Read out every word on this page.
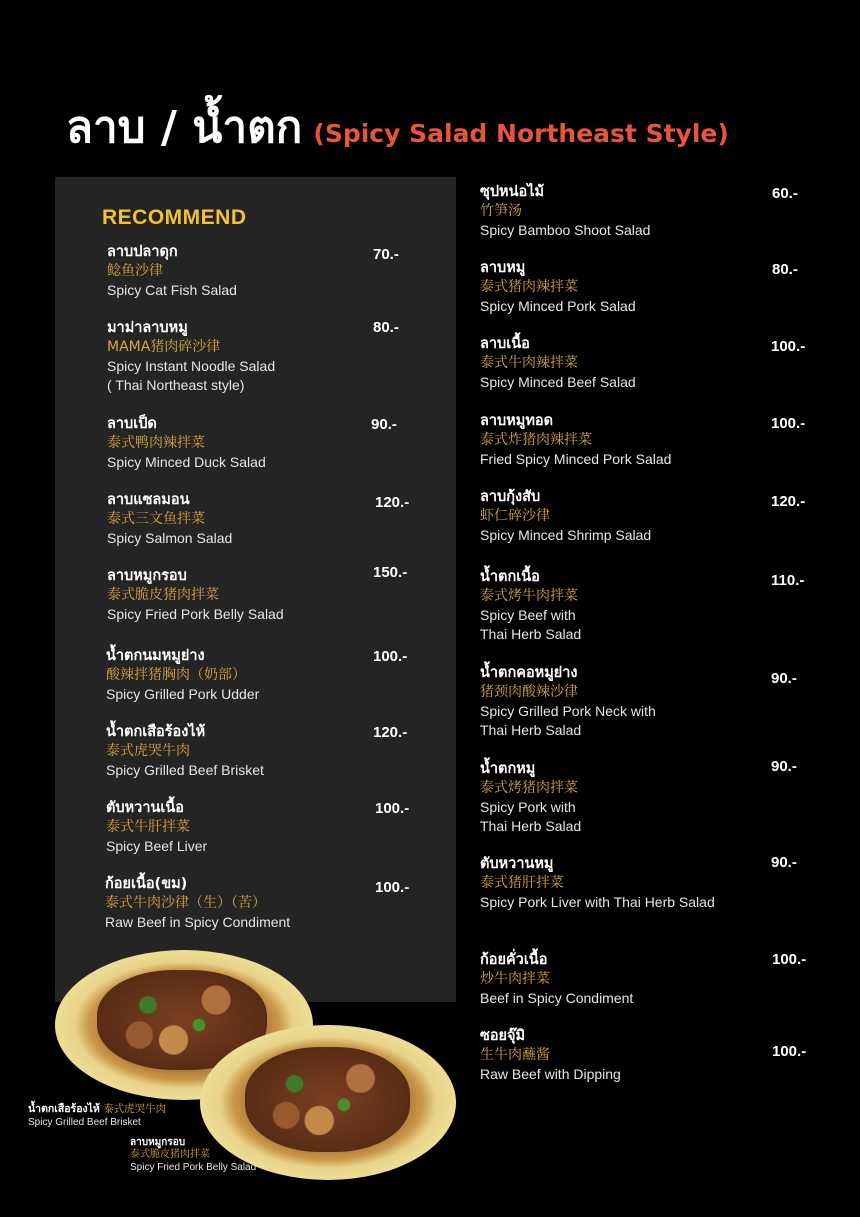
ลาบ / น้ำตก (Spicy Salad Northeast Style)
RECOMMEND
ลาบปลาดุก
鲶鱼沙律
Spicy Cat Fish Salad
70.-
มาม่าลาบหมู
MAMA猪肉碎沙律
Spicy Instant Noodle Salad
( Thai Northeast style)
80.-
ลาบเป็ด
泰式鸭肉辣拌菜
Spicy Minced Duck Salad
90.-
ลาบแซลมอน
泰式三文鱼拌菜
Spicy Salmon Salad
120.-
ลาบหมูกรอบ
泰式脆皮猪肉拌菜
Spicy Fried Pork Belly Salad
150.-
น้ำตกนมหมูย่าง
酸辣拌猪胸肉（奶部）
Spicy Grilled Pork Udder
100.-
น้ำตกเสือร้องไห้
泰式虎哭牛肉
Spicy Grilled Beef Brisket
120.-
ตับหวานเนื้อ
泰式牛肝拌菜
Spicy Beef Liver
100.-
ก้อยเนื้อ(ขม)
泰式牛肉沙律（生）（苦）
Raw Beef in Spicy Condiment
100.-
ซุปหน่อไม้
竹笋汤
Spicy Bamboo Shoot Salad
60.-
ลาบหมู
泰式猪肉辣拌菜
Spicy Minced Pork Salad
80.-
ลาบเนื้อ
泰式牛肉辣拌菜
Spicy Minced Beef Salad
100.-
ลาบหมูทอด
泰式炸猪肉辣拌菜
Fried Spicy Minced Pork Salad
100.-
ลาบกุ้งสับ
虾仁碎沙律
Spicy Minced Shrimp Salad
120.-
น้ำตกเนื้อ
泰式烤牛肉拌菜
Spicy Beef with
Thai Herb Salad
110.-
น้ำตกคอหมูย่าง
猪颈肉酸辣沙律
Spicy Grilled Pork Neck with
Thai Herb Salad
90.-
น้ำตกหมู
泰式烤猪肉拌菜
Spicy Pork with
Thai Herb Salad
90.-
ตับหวานหมู
泰式猪肝拌菜
Spicy Pork Liver with Thai Herb Salad
90.-
ก้อยคั่วเนื้อ
炒牛肉拌菜
Beef in Spicy Condiment
100.-
ซอยจุ๊มิ
生牛肉蘸酱
Raw Beef with Dipping
100.-
น้ำตกเสือร้องไห้ 泰式虎哭牛肉
Spicy Grilled Beef Brisket
ลาบหมูกรอบ
泰式脆皮猪肉拌菜
Spicy Fried Pork Belly Salad
